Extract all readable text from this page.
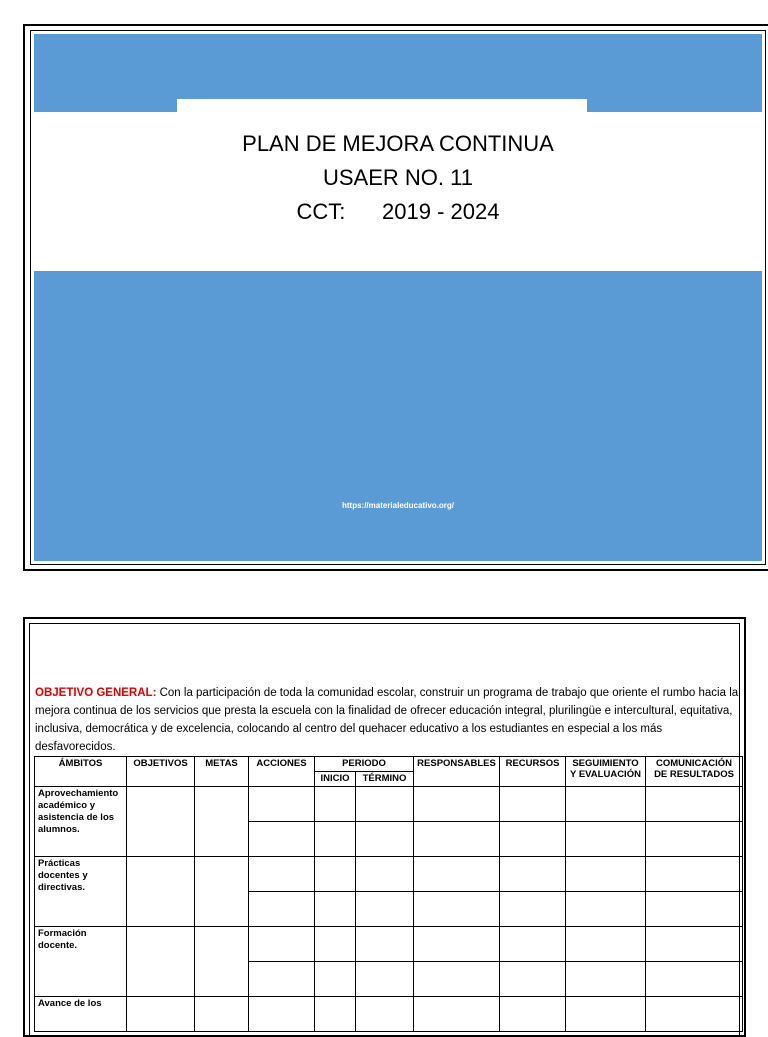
PLAN DE MEJORA CONTINUA
USAER NO. 11
CCT:      2019 - 2024
https://materialeducativo.org/
OBJETIVO GENERAL: Con la participación de toda la comunidad escolar, construir un programa de trabajo que oriente el rumbo hacia la mejora continua de los servicios que presta la escuela con la finalidad de ofrecer educación integral, plurilingüe e intercultural, equitativa, inclusiva, democrática y de excelencia, colocando al centro del quehacer educativo a los estudiantes en especial a los más desfavorecidos.
ÁMBITOS	OBJETIVOS	METAS	ACCIONES	PERIODO		RESPONSABLES	RECURSOS	SEGUIMIENTO Y EVALUACIÓN	COMUNICACIÓN DE RESULTADOS
				INICIO	TÉRMINO				
Aprovechamiento académico y asistencia de los alumnos.									

Prácticas docentes y directivas.									

Formación docente.									

Avance de los									
